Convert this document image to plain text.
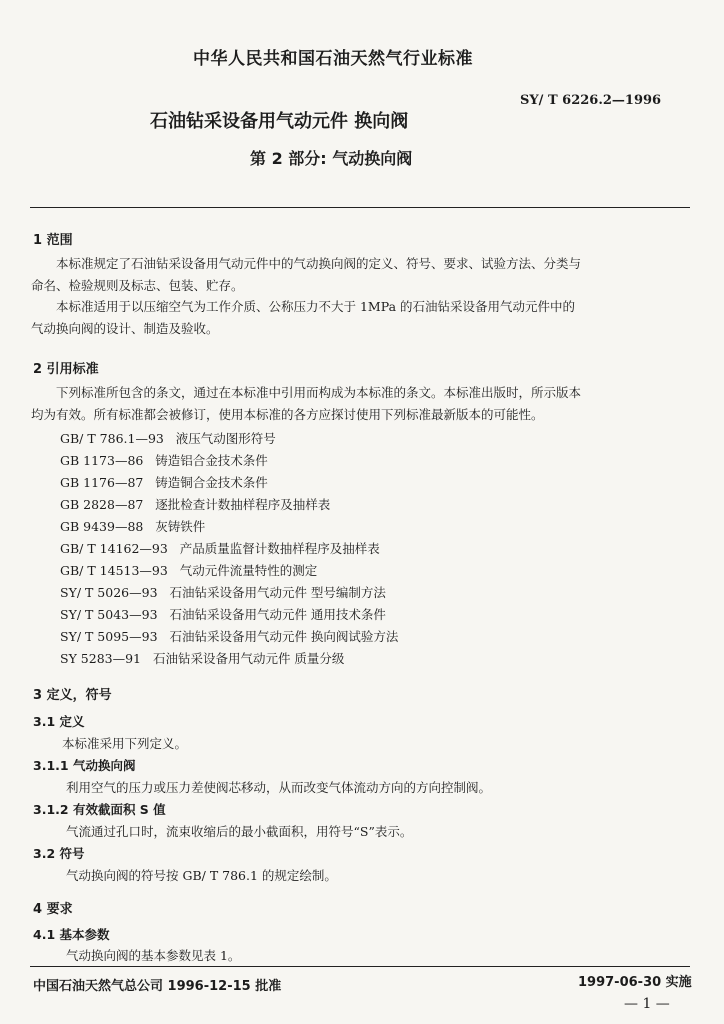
中华人民共和国石油天然气行业标准
石油钻采设备用气动元件 换向阀
SY/ T 6226.2—1996
第 2 部分: 气动换向阀
1 范围
本标准规定了石油钻采设备用气动元件中的气动换向阀的定义、符号、要求、试验方法、分类与
命名、检验规则及标志、包装、贮存。
本标准适用于以压缩空气为工作介质、公称压力不大于 1MPa 的石油钻采设备用气动元件中的
气动换向阀的设计、制造及验收。
2 引用标准
下列标准所包含的条文，通过在本标准中引用而构成为本标准的条文。本标准出版时，所示版本
均为有效。所有标准都会被修订，使用本标准的各方应探讨使用下列标准最新版本的可能性。
GB/ T 786.1—93 液压气动图形符号
GB 1173—86 铸造铝合金技术条件
GB 1176—87 铸造铜合金技术条件
GB 2828—87 逐批检查计数抽样程序及抽样表
GB 9439—88 灰铸铁件
GB/ T 14162—93 产品质量监督计数抽样程序及抽样表
GB/ T 14513—93 气动元件流量特性的测定
SY/ T 5026—93 石油钻采设备用气动元件 型号编制方法
SY/ T 5043—93 石油钻采设备用气动元件 通用技术条件
SY/ T 5095—93 石油钻采设备用气动元件 换向阀试验方法
SY 5283—91 石油钻采设备用气动元件 质量分级
3 定义，符号
3.1 定义
本标准采用下列定义。
3.1.1 气动换向阀
利用空气的压力或压力差使阀芯移动，从而改变气体流动方向的方向控制阀。
3.1.2 有效截面积 S 值
气流通过孔口时，流束收缩后的最小截面积，用符号“S”表示。
3.2 符号
气动换向阀的符号按 GB/ T 786.1 的规定绘制。
4 要求
4.1 基本参数
气动换向阀的基本参数见表 1。
中国石油天然气总公司 1996-12-15 批准	1997-06-30 实施
— 1 —
